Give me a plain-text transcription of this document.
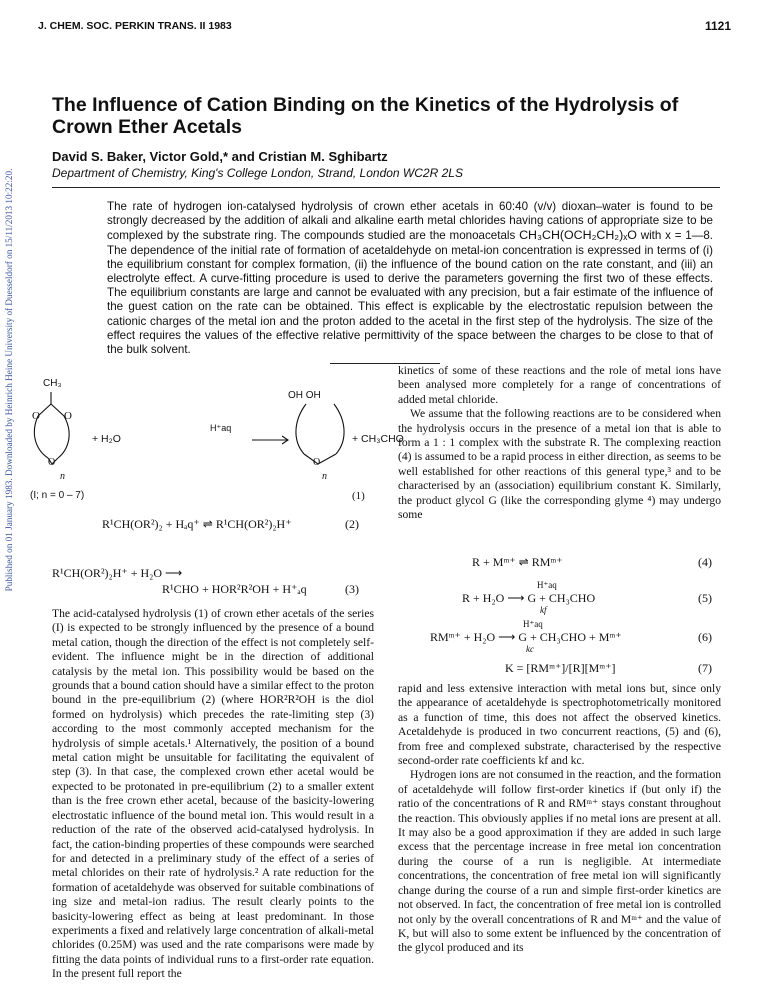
Published on 01 January 1983. Downloaded by Heinrich Heine University of Duesseldorf on 15/11/2013 10:22:20.
J. CHEM. SOC. PERKIN TRANS. II 1983	1121
The Influence of Cation Binding on the Kinetics of the Hydrolysis of Crown Ether Acetals
David S. Baker, Victor Gold,* and Cristian M. Sghibartz
Department of Chemistry, King's College London, Strand, London WC2R 2LS

The rate of hydrogen ion-catalysed hydrolysis of crown ether acetals in 60:40 (v/v) dioxan–water is found to be strongly decreased by the addition of alkali and alkaline earth metal chlorides having cations of appropriate size to be complexed by the substrate ring. The compounds studied are the monoacetals CH₃CH(OCH₂CH₂)ₓO with x = 1—8. The dependence of the initial rate of formation of acetaldehyde on metal-ion concentration is expressed in terms of (i) the equilibrium constant for complex formation, (ii) the influence of the bound cation on the rate constant, and (iii) an electrolyte effect. A curve-fitting procedure is used to derive the parameters governing the first two of these effects. The equilibrium constants are large and cannot be evaluated with any precision, but a fair estimate of the influence of the guest cation on the rate can be obtained. This effect is explicable by the electrostatic repulsion between the cationic charges of the metal ion and the proton added to the acetal in the first step of the hydrolysis. The size of the effect requires the values of the effective relative permittivity of the space between the charges to be close to that of the bulk solvent.

CH₃
O O
O
n
+ H₂O
H⁺aq
OH OH
O
n
+ CH₃CHO
(I; n = 0 – 7)	(1)
R¹CH(OR²)₂ + Hₐq⁺ ⇌ R¹CH(OR²)₂H⁺	(2)
R¹CH(OR²)₂H⁺ + H₂O ⟶
R¹CHO + HOR²R²OH + H⁺ₐq	(3)

The acid-catalysed hydrolysis (1) of crown ether acetals of the series (I) is expected to be strongly influenced by the presence of a bound metal cation, though the direction of the effect is not completely self-evident. The influence might be in the direction of additional catalysis by the metal ion. This possibility would be based on the grounds that a bound cation should have a similar effect to the proton bound in the pre-equilibrium (2) (where HOR²R²OH is the diol formed on hydrolysis) which precedes the rate-limiting step (3) according to the most commonly accepted mechanism for the hydrolysis of simple acetals.¹ Alternatively, the position of a bound metal cation might be unsuitable for facilitating the equivalent of step (3). In that case, the complexed crown ether acetal would be expected to be protonated in pre-equilibrium (2) to a smaller extent than is the free crown ether acetal, because of the basicity-lowering electrostatic influence of the bound metal ion. This would result in a reduction of the rate of the observed acid-catalysed hydrolysis. In fact, the cation-binding properties of these compounds were searched for and detected in a preliminary study of the effect of a series of metal chlorides on their rate of hydrolysis.² A rate reduction for the formation of acetaldehyde was observed for suitable combinations of ing size and metal-ion radius. The result clearly points to the basicity-lowering effect as being at least predominant. In those experiments a fixed and relatively large concentration of alkali-metal chlorides (0.25M) was used and the rate comparisons were made by fitting the data points of individual runs to a first-order rate equation. In the present full report the

kinetics of some of these reactions and the role of metal ions have been analysed more completely for a range of concentrations of added metal chloride.

We assume that the following reactions are to be considered when the hydrolysis occurs in the presence of a metal ion that is able to form a 1 : 1 complex with the substrate R. The complexing reaction (4) is assumed to be a rapid process in either direction, as seems to be well established for other reactions of this general type,³ and to be characterised by an (association) equilibrium constant K. Similarly, the product glycol G (like the corresponding glyme ⁴) may undergo some

R + Mᵐ⁺ ⇌ RMᵐ⁺	(4)
H⁺aq
R + H₂O ⟶ G + CH₃CHO
kf
(5)
H⁺aq
RMᵐ⁺ + H₂O ⟶ G + CH₃CHO + Mᵐ⁺
kc
(6)
K = [RMᵐ⁺]/[R][Mᵐ⁺]	(7)

rapid and less extensive interaction with metal ions but, since only the appearance of acetaldehyde is spectrophotometrically monitored as a function of time, this does not affect the observed kinetics. Acetaldehyde is produced in two concurrent reactions, (5) and (6), from free and complexed substrate, characterised by the respective second-order rate coefficients kf and kc.

Hydrogen ions are not consumed in the reaction, and the formation of acetaldehyde will follow first-order kinetics if (but only if) the ratio of the concentrations of R and RMᵐ⁺ stays constant throughout the reaction. This obviously applies if no metal ions are present at all. It may also be a good approximation if they are added in such large excess that the percentage increase in free metal ion concentration during the course of a run is negligible. At intermediate concentrations, the concentration of free metal ion will significantly change during the course of a run and simple first-order kinetics are not observed. In fact, the concentration of free metal ion is controlled not only by the overall concentrations of R and Mᵐ⁺ and the value of K, but will also to some extent be influenced by the concentration of the glycol produced and its
